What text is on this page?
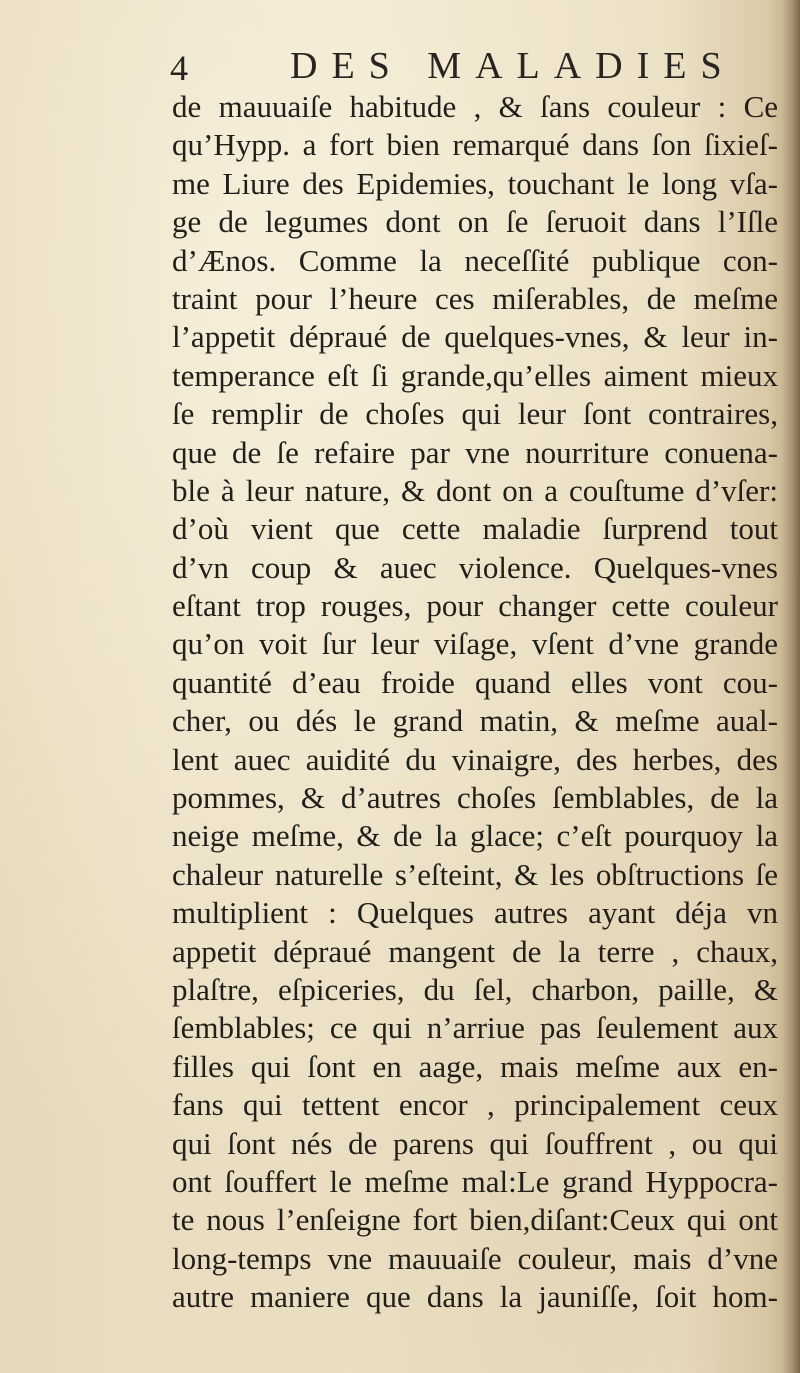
4	DES MALADIES
de mauuaiſe habitude , & ſans couleur : Ce
qu’Hypp. a fort bien remarqué dans ſon ſixieſ-
me Liure des Epidemies, touchant le long vſa-
ge de legumes dont on ſe ſeruoit dans l’Iſle
d’Ænos. Comme la neceſſité publique con-
traint pour l’heure ces miſerables, de meſme
l’appetit dépraué de quelques-vnes, & leur in-
temperance eſt ſi grande,qu’elles aiment mieux
ſe remplir de choſes qui leur ſont contraires,
que de ſe refaire par vne nourriture conuena-
ble à leur nature, & dont on a couſtume d’vſer:
d’où vient que cette maladie ſurprend tout
d’vn coup & auec violence. Quelques-vnes
eſtant trop rouges, pour changer cette couleur
qu’on voit ſur leur viſage, vſent d’vne grande
quantité d’eau froide quand elles vont cou-
cher, ou dés le grand matin, & meſme aual-
lent auec auidité du vinaigre, des herbes, des
pommes, & d’autres choſes ſemblables, de la
neige meſme, & de la glace; c’eſt pourquoy la
chaleur naturelle s’eſteint, & les obſtructions ſe
multiplient : Quelques autres ayant déja vn
appetit dépraué mangent de la terre , chaux,
plaſtre, eſpiceries, du ſel, charbon, paille, &
ſemblables; ce qui n’arriue pas ſeulement aux
filles qui ſont en aage, mais meſme aux en-
fans qui tettent encor , principalement ceux
qui ſont nés de parens qui ſouffrent , ou qui
ont ſouffert le meſme mal:Le grand Hyppocra-
te nous l’enſeigne fort bien,diſant:Ceux qui ont
long-temps vne mauuaiſe couleur, mais d’vne
autre maniere que dans la jauniſſe, ſoit hom-
